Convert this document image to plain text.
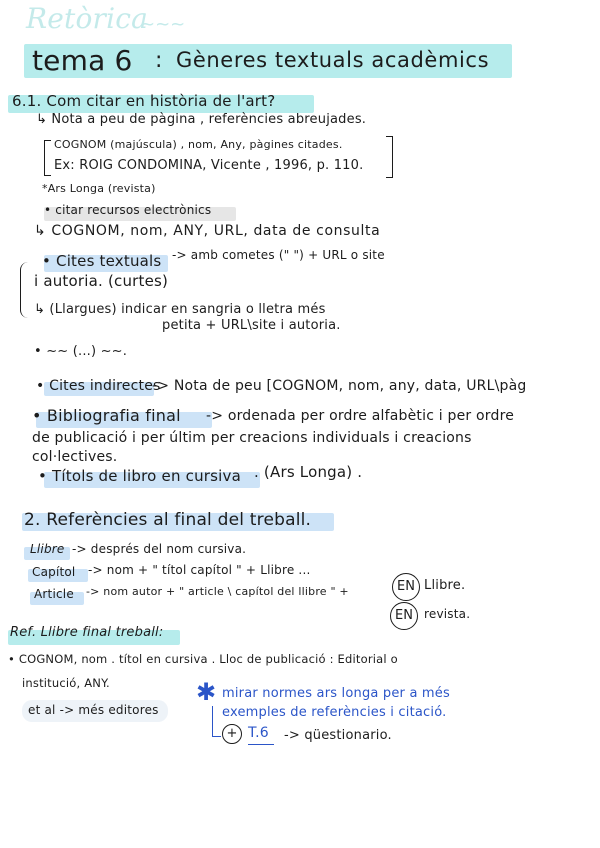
Retòrica
~~~
tema 6 : Gèneres textuals acadèmics
6.1. Com citar en història de l'art?
↳ Nota a peu de pàgina , referències abreujades.
COGNOM (majúscula) , nom, Any, pàgines citades.
Ex: ROIG CONDOMINA, Vicente , 1996, p. 110.
*Ars Longa (revista)
• citar recursos electrònics
↳ COGNOM, nom, ANY, URL, data de consulta
• Cites textuals -> amb cometes (" ") + URL o site
i autoria. (curtes)
↳ (Llargues) indicar en sangria o lletra més
petita + URL\site i autoria.
• ~~ (...) ~~.
• Cites indirectes
-> Nota de peu [COGNOM, nom, any, data, URL\pàg
• Bibliografia final -> ordenada per ordre alfabètic i per ordre
de publicació i per últim per creacions individuals i creacions
col·lectives.
• Títols de libro en cursiva . (Ars Longa) .
2. Referències al final del treball.
Llibre -> després del nom cursiva.
Capítol -> nom + " títol capítol " + Llibre ...
Article -> nom autor + " article \ capítol del llibre " +	EN Llibre.
EN revista.
Ref. Llibre final treball:
• COGNOM, nom . títol en cursiva . Lloc de publicació : Editorial o
institució, ANY.
et al -> més editores
✱ mirar normes ars longa per a més
exemples de referències i citació.
+ T.6 -> qüestionario.
